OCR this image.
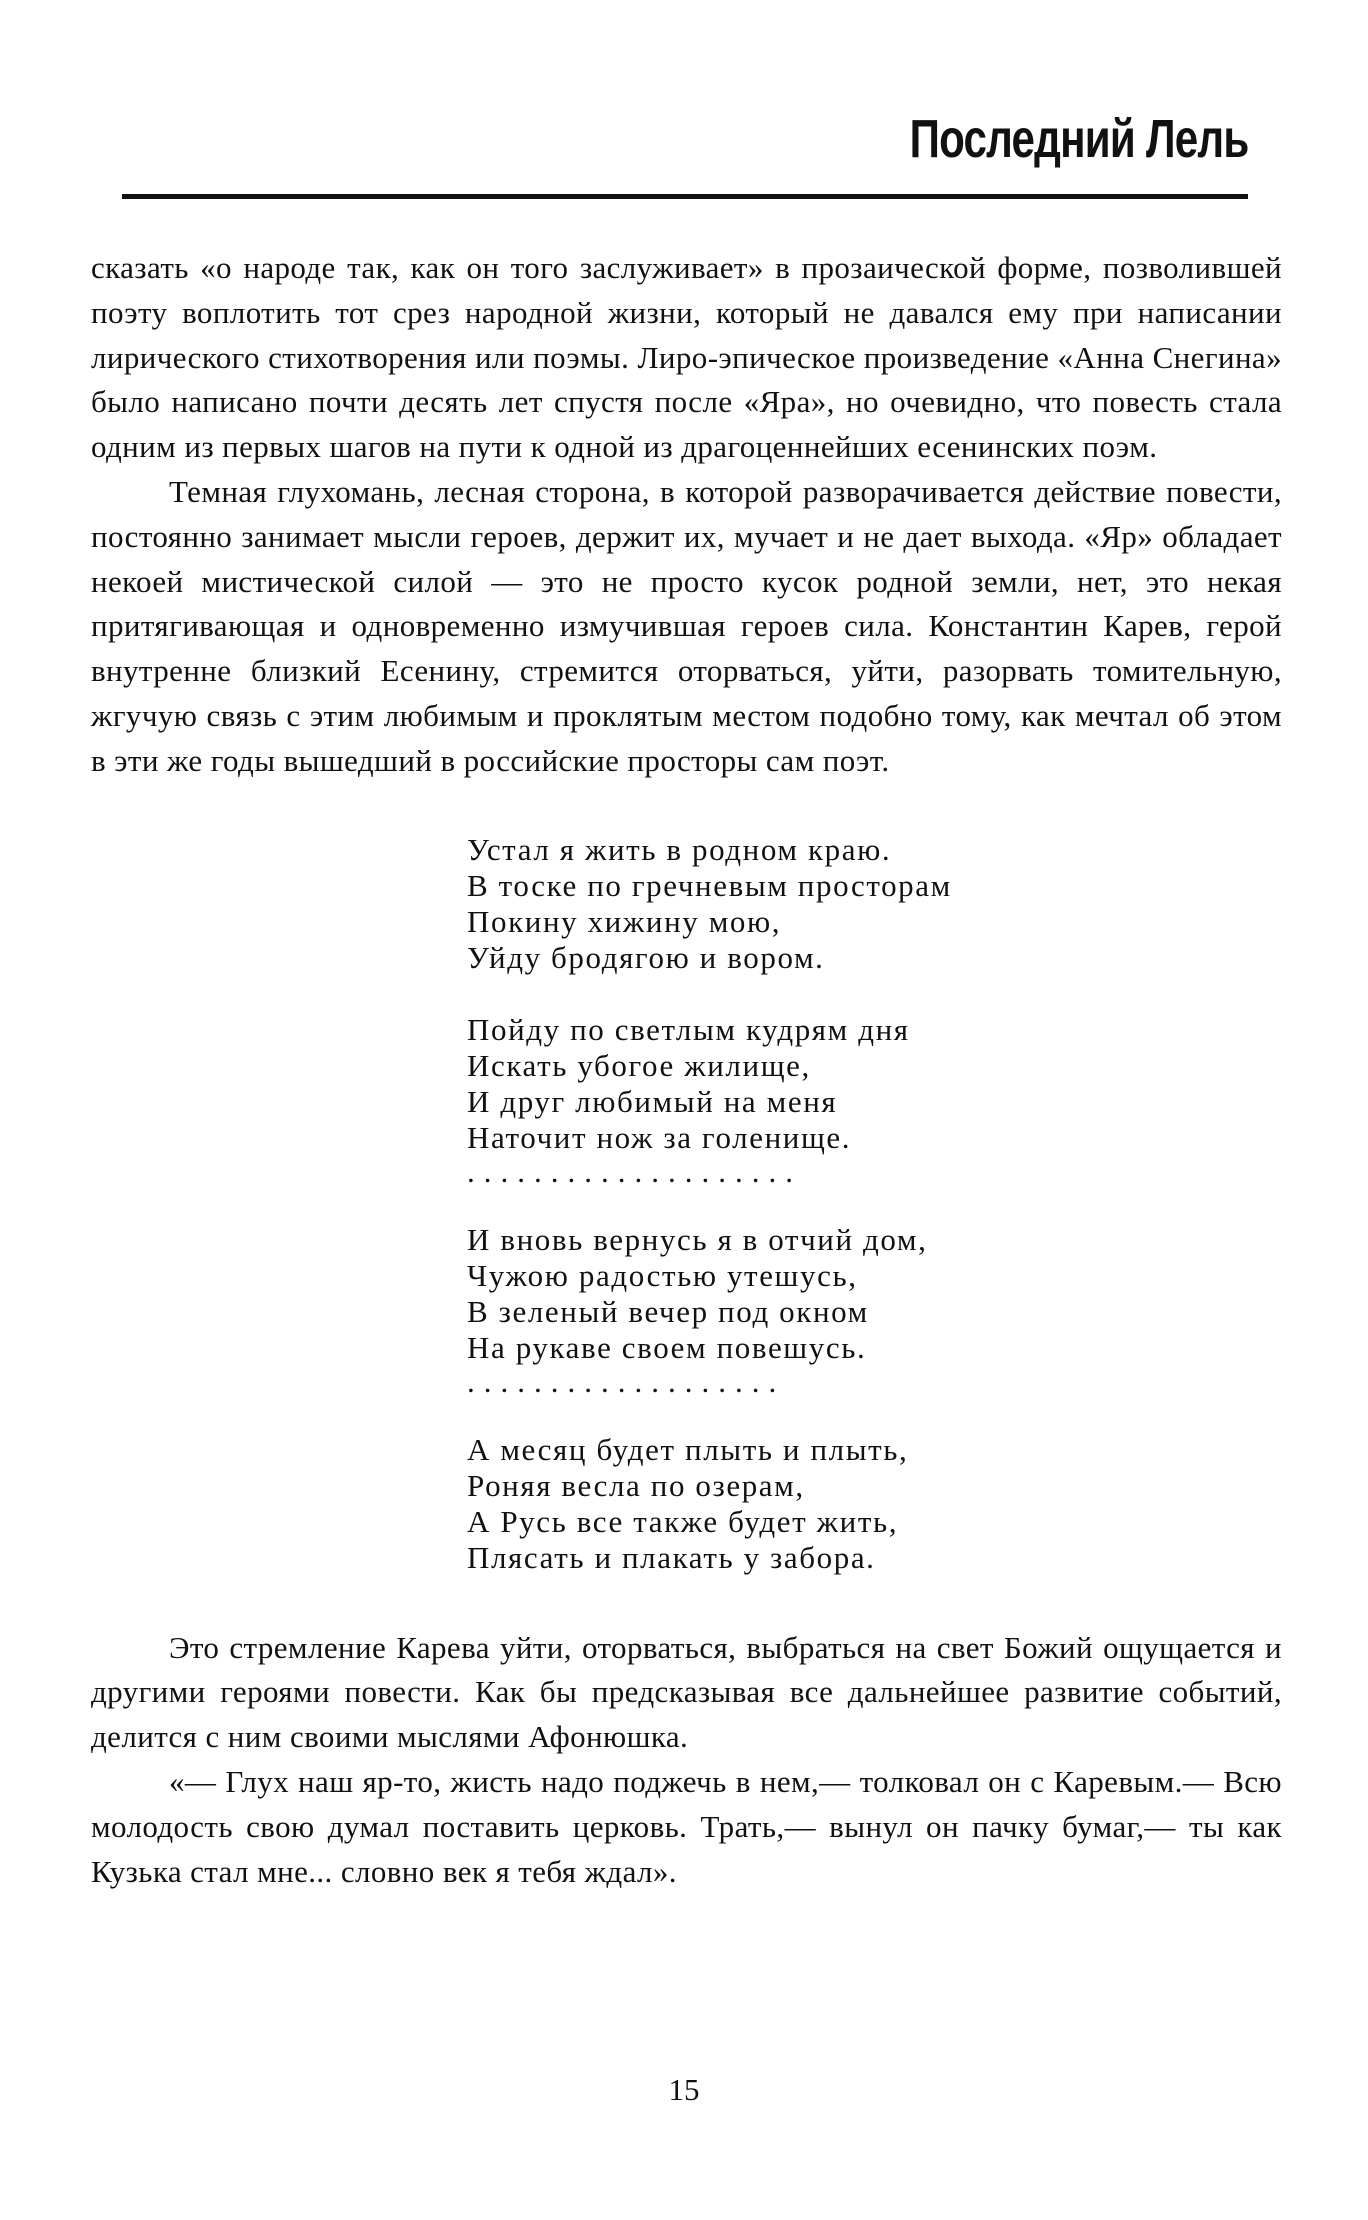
Последний Лель

сказать «о народе так, как он того заслуживает» в прозаической форме, позволившей поэту воплотить тот срез народной жизни, который не давался ему при написании лирического стихотворения или поэмы. Лиро-эпическое произведение «Анна Снегина» было написано почти десять лет спустя после «Яра», но очевидно, что повесть стала одним из первых шагов на пути к одной из драгоценнейших есенинских поэм.

Темная глухомань, лесная сторона, в которой разворачивается действие повести, постоянно занимает мысли героев, держит их, мучает и не дает выхода. «Яр» обладает некоей мистической силой — это не просто кусок родной земли, нет, это некая притягивающая и одновременно измучившая героев сила. Константин Карев, герой внутренне близкий Есенину, стремится оторваться, уйти, разорвать томительную, жгучую связь с этим любимым и проклятым местом подобно тому, как мечтал об этом в эти же годы вышедший в российские просторы сам поэт.

Устал я жить в родном краю.
В тоске по гречневым просторам
Покину хижину мою,
Уйду бродягою и вором.
Пойду по светлым кудрям дня
Искать убогое жилище,
И друг любимый на меня
Наточит нож за голенище.
....................
И вновь вернусь я в отчий дом,
Чужою радостью утешусь,
В зеленый вечер под окном
На рукаве своем повешусь.
...................
А месяц будет плыть и плыть,
Роняя весла по озерам,
А Русь все также будет жить,
Плясать и плакать у забора.

Это стремление Карева уйти, оторваться, выбраться на свет Божий ощущается и другими героями повести. Как бы предсказывая все дальнейшее развитие событий, делится с ним своими мыслями Афонюшка.

«— Глух наш яр-то, жисть надо поджечь в нем,— толковал он с Каревым.— Всю молодость свою думал поставить церковь. Трать,— вынул он пачку бумаг,— ты как Кузька стал мне... словно век я тебя ждал».

15
